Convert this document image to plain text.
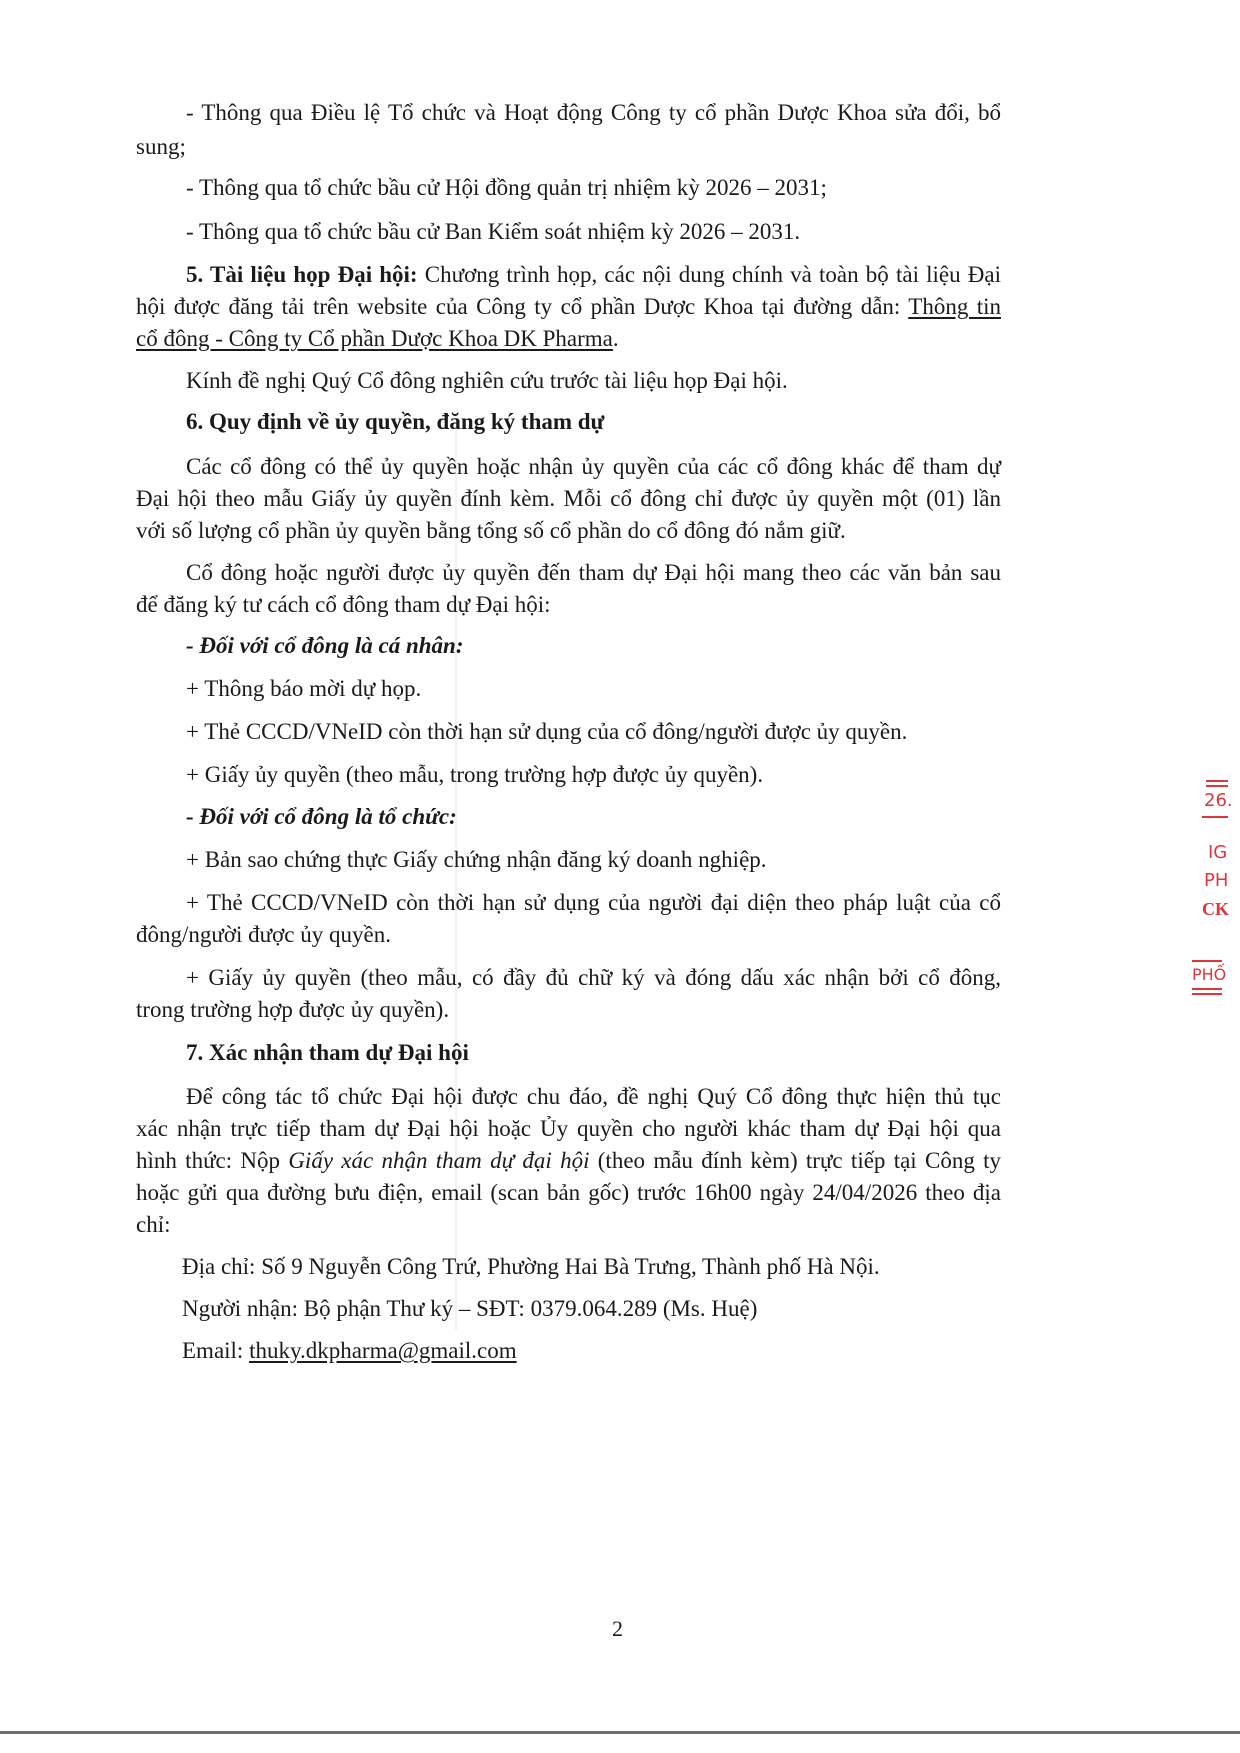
- Thông qua Điều lệ Tổ chức và Hoạt động Công ty cổ phần Dược Khoa sửa đổi, bổ
sung;
- Thông qua tổ chức bầu cử Hội đồng quản trị nhiệm kỳ 2026 – 2031;
- Thông qua tổ chức bầu cử Ban Kiểm soát nhiệm kỳ 2026 – 2031.
5. Tài liệu họp Đại hội: Chương trình họp, các nội dung chính và toàn bộ tài liệu Đại
hội được đăng tải trên website của Công ty cổ phần Dược Khoa tại đường dẫn: Thông tin
cổ đông - Công ty Cổ phần Dược Khoa DK Pharma.
Kính đề nghị Quý Cổ đông nghiên cứu trước tài liệu họp Đại hội.
6. Quy định về ủy quyền, đăng ký tham dự
Các cổ đông có thể ủy quyền hoặc nhận ủy quyền của các cổ đông khác để tham dự
Đại hội theo mẫu Giấy ủy quyền đính kèm. Mỗi cổ đông chỉ được ủy quyền một (01) lần
với số lượng cổ phần ủy quyền bằng tổng số cổ phần do cổ đông đó nắm giữ.
Cổ đông hoặc người được ủy quyền đến tham dự Đại hội mang theo các văn bản sau
để đăng ký tư cách cổ đông tham dự Đại hội:
- Đối với cổ đông là cá nhân:
+ Thông báo mời dự họp.
+ Thẻ CCCD/VNeID còn thời hạn sử dụng của cổ đông/người được ủy quyền.
+ Giấy ủy quyền (theo mẫu, trong trường hợp được ủy quyền).
- Đối với cổ đông là tổ chức:
+ Bản sao chứng thực Giấy chứng nhận đăng ký doanh nghiệp.
+ Thẻ CCCD/VNeID còn thời hạn sử dụng của người đại diện theo pháp luật của cổ
đông/người được ủy quyền.
+ Giấy ủy quyền (theo mẫu, có đầy đủ chữ ký và đóng dấu xác nhận bởi cổ đông,
trong trường hợp được ủy quyền).
7. Xác nhận tham dự Đại hội
Để công tác tổ chức Đại hội được chu đáo, đề nghị Quý Cổ đông thực hiện thủ tục
xác nhận trực tiếp tham dự Đại hội hoặc Ủy quyền cho người khác tham dự Đại hội qua
hình thức: Nộp Giấy xác nhận tham dự đại hội (theo mẫu đính kèm) trực tiếp tại Công ty
hoặc gửi qua đường bưu điện, email (scan bản gốc) trước 16h00 ngày 24/04/2026 theo địa
chỉ:
Địa chỉ: Số 9 Nguyễn Công Trứ, Phường Hai Bà Trưng, Thành phố Hà Nội.
Người nhận: Bộ phận Thư ký – SĐT: 0379.064.289 (Ms. Huệ)
Email: thuky.dkpharma@gmail.com
2
26.
IG
PH
CK
PHỐ
